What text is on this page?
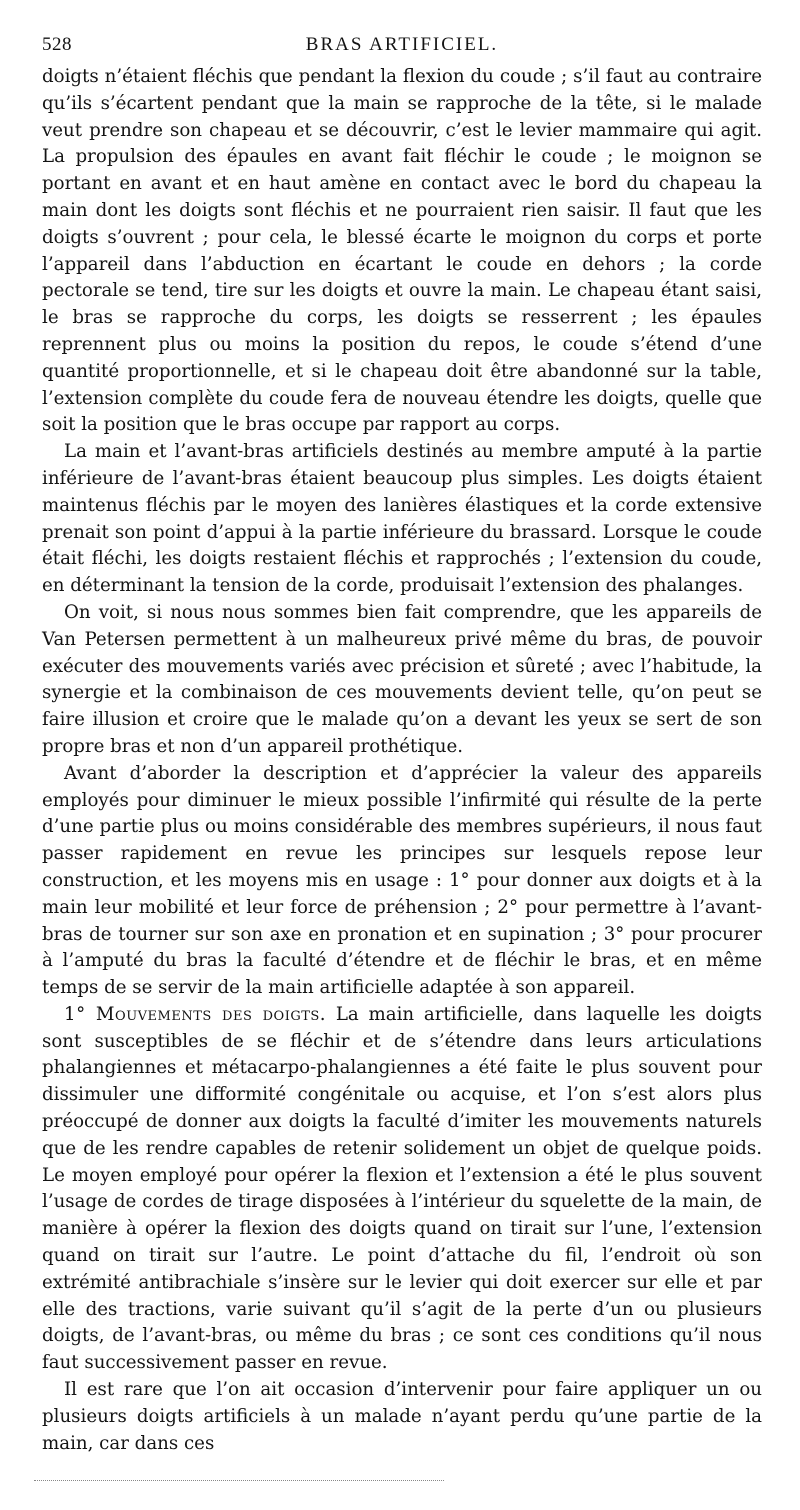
528	BRAS ARTIFICIEL.

doigts n’étaient fléchis que pendant la flexion du coude ; s’il faut au contraire qu’ils s’écartent pendant que la main se rapproche de la tête, si le malade veut prendre son chapeau et se découvrir, c’est le levier mammaire qui agit. La propulsion des épaules en avant fait fléchir le coude ; le moignon se portant en avant et en haut amène en contact avec le bord du chapeau la main dont les doigts sont fléchis et ne pourraient rien saisir. Il faut que les doigts s’ouvrent ; pour cela, le blessé écarte le moignon du corps et porte l’appareil dans l’abduction en écartant le coude en dehors ; la corde pectorale se tend, tire sur les doigts et ouvre la main. Le chapeau étant saisi, le bras se rapproche du corps, les doigts se resserrent ; les épaules reprennent plus ou moins la position du repos, le coude s’étend d’une quantité proportionnelle, et si le chapeau doit être abandonné sur la table, l’extension complète du coude fera de nouveau étendre les doigts, quelle que soit la position que le bras occupe par rapport au corps.

La main et l’avant-bras artificiels destinés au membre amputé à la partie inférieure de l’avant-bras étaient beaucoup plus simples. Les doigts étaient maintenus fléchis par le moyen des lanières élastiques et la corde extensive prenait son point d’appui à la partie inférieure du brassard. Lorsque le coude était fléchi, les doigts restaient fléchis et rapprochés ; l’extension du coude, en déterminant la tension de la corde, produisait l’extension des phalanges.

On voit, si nous nous sommes bien fait comprendre, que les appareils de Van Petersen permettent à un malheureux privé même du bras, de pouvoir exécuter des mouvements variés avec précision et sûreté ; avec l’habitude, la synergie et la combinaison de ces mouvements devient telle, qu’on peut se faire illusion et croire que le malade qu’on a devant les yeux se sert de son propre bras et non d’un appareil prothétique.

Avant d’aborder la description et d’apprécier la valeur des appareils employés pour diminuer le mieux possible l’infirmité qui résulte de la perte d’une partie plus ou moins considérable des membres supérieurs, il nous faut passer rapidement en revue les principes sur lesquels repose leur construction, et les moyens mis en usage : 1° pour donner aux doigts et à la main leur mobilité et leur force de préhension ; 2° pour permettre à l’avant-bras de tourner sur son axe en pronation et en supination ; 3° pour procurer à l’amputé du bras la faculté d’étendre et de fléchir le bras, et en même temps de se servir de la main artificielle adaptée à son appareil.

1° Mouvements des doigts. La main artificielle, dans laquelle les doigts sont susceptibles de se fléchir et de s’étendre dans leurs articulations phalangiennes et métacarpo-phalangiennes a été faite le plus souvent pour dissimuler une difformité congénitale ou acquise, et l’on s’est alors plus préoccupé de donner aux doigts la faculté d’imiter les mouvements naturels que de les rendre capables de retenir solidement un objet de quelque poids. Le moyen employé pour opérer la flexion et l’extension a été le plus souvent l’usage de cordes de tirage disposées à l’intérieur du squelette de la main, de manière à opérer la flexion des doigts quand on tirait sur l’une, l’extension quand on tirait sur l’autre. Le point d’attache du fil, l’endroit où son extrémité antibrachiale s’insère sur le levier qui doit exercer sur elle et par elle des tractions, varie suivant qu’il s’agit de la perte d’un ou plusieurs doigts, de l’avant-bras, ou même du bras ; ce sont ces conditions qu’il nous faut successivement passer en revue.

Il est rare que l’on ait occasion d’intervenir pour faire appliquer un ou plusieurs doigts artificiels à un malade n’ayant perdu qu’une partie de la main, car dans ces
